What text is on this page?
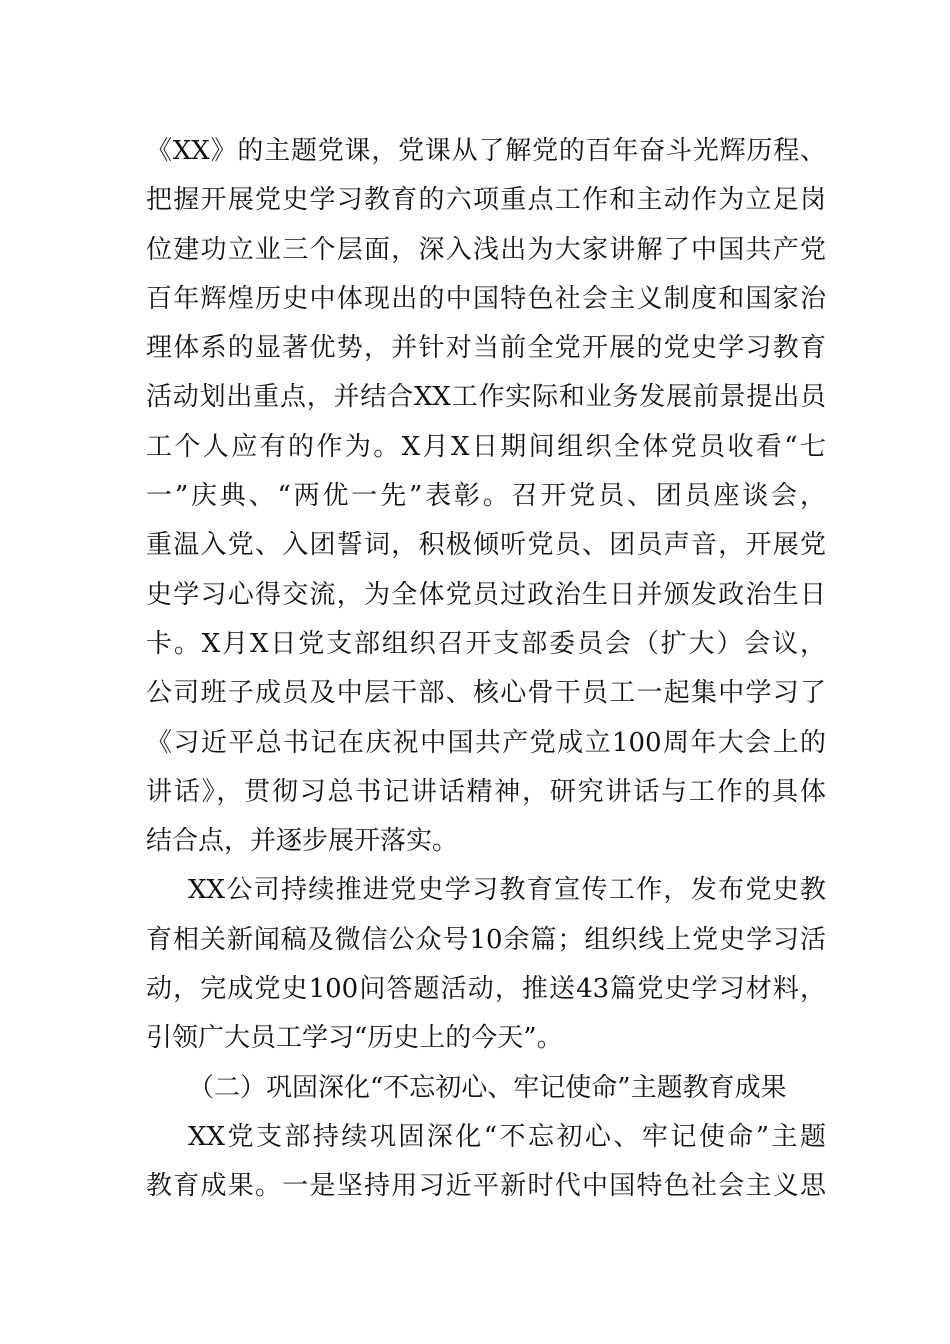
《XX》的主题党课，党课从了解党的百年奋斗光辉历程、
把握开展党史学习教育的六项重点工作和主动作为立足岗
位建功立业三个层面，深入浅出为大家讲解了中国共产党
百年辉煌历史中体现出的中国特色社会主义制度和国家治
理体系的显著优势，并针对当前全党开展的党史学习教育
活动划出重点，并结合XX工作实际和业务发展前景提出员
工个人应有的作为。X月X日期间组织全体党员收看“七
一”庆典、“两优一先”表彰。召开党员、团员座谈会，
重温入党、入团誓词，积极倾听党员、团员声音，开展党
史学习心得交流，为全体党员过政治生日并颁发政治生日
卡。X月X日党支部组织召开支部委员会（扩大）会议，
公司班子成员及中层干部、核心骨干员工一起集中学习了
《习近平总书记在庆祝中国共产党成立100周年大会上的
讲话》，贯彻习总书记讲话精神，研究讲话与工作的具体
结合点，并逐步展开落实。
XX公司持续推进党史学习教育宣传工作，发布党史教
育相关新闻稿及微信公众号10余篇；组织线上党史学习活
动，完成党史100问答题活动，推送43篇党史学习材料，
引领广大员工学习“历史上的今天”。
（二）巩固深化“不忘初心、牢记使命”主题教育成果
XX党支部持续巩固深化“不忘初心、牢记使命”主题
教育成果。一是坚持用习近平新时代中国特色社会主义思
